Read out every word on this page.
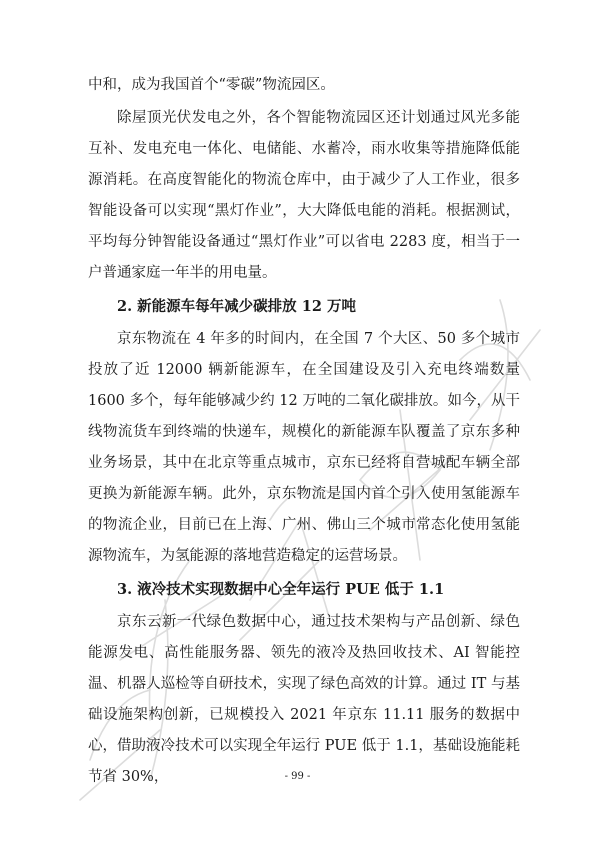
中和，成为我国首个“零碳”物流园区。

除屋顶光伏发电之外，各个智能物流园区还计划通过风光多能互补、发电充电一体化、电储能、水蓄冷，雨水收集等措施降低能源消耗。在高度智能化的物流仓库中，由于减少了人工作业，很多智能设备可以实现“黑灯作业”，大大降低电能的消耗。根据测试，平均每分钟智能设备通过“黑灯作业”可以省电 2283 度，相当于一户普通家庭一年半的用电量。

2. 新能源车每年减少碳排放 12 万吨

京东物流在 4 年多的时间内，在全国 7 个大区、50 多个城市投放了近 12000 辆新能源车，在全国建设及引入充电终端数量 1600 多个，每年能够减少约 12 万吨的二氧化碳排放。如今，从干线物流货车到终端的快递车，规模化的新能源车队覆盖了京东多种业务场景，其中在北京等重点城市，京东已经将自营城配车辆全部更换为新能源车辆。此外，京东物流是国内首个引入使用氢能源车的物流企业，目前已在上海、广州、佛山三个城市常态化使用氢能源物流车，为氢能源的落地营造稳定的运营场景。

3. 液冷技术实现数据中心全年运行 PUE 低于 1.1

京东云新一代绿色数据中心，通过技术架构与产品创新、绿色能源发电、高性能服务器、领先的液冷及热回收技术、AI 智能控温、机器人巡检等自研技术，实现了绿色高效的计算。通过 IT 与基础设施架构创新，已规模投入 2021 年京东 11.11 服务的数据中心，借助液冷技术可以实现全年运行 PUE 低于 1.1，基础设施能耗节省 30%，	- 99 -
